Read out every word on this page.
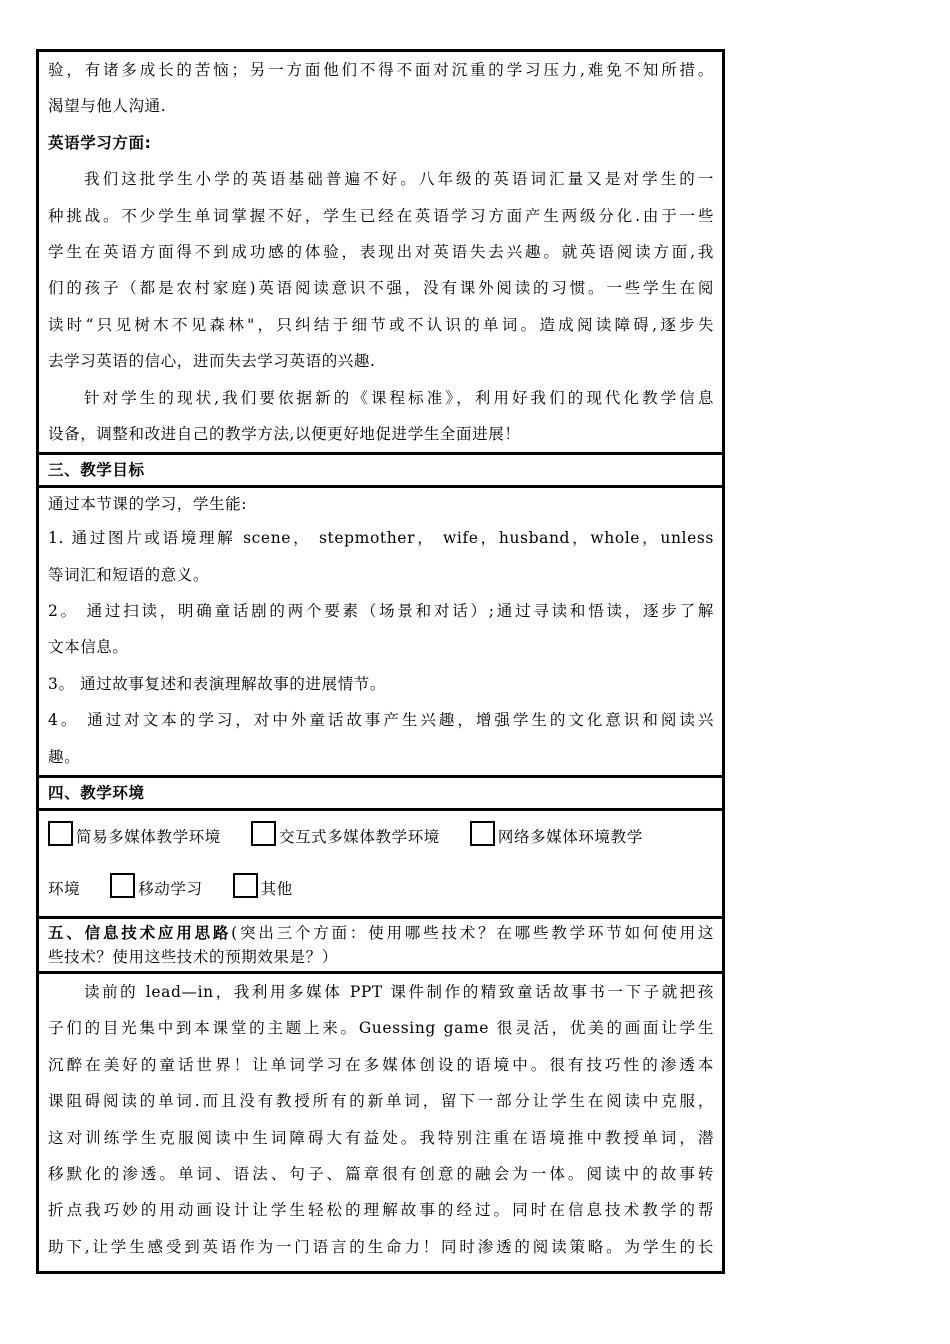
验，有诸多成长的苦恼；另一方面他们不得不面对沉重的学习压力,难免不知所措。
渴望与他人沟通.
英语学习方面:
我们这批学生小学的英语基础普遍不好。八年级的英语词汇量又是对学生的一
种挑战。不少学生单词掌握不好，学生已经在英语学习方面产生两级分化.由于一些
学生在英语方面得不到成功感的体验，表现出对英语失去兴趣。就英语阅读方面,我
们的孩子（都是农村家庭)英语阅读意识不强，没有课外阅读的习惯。一些学生在阅
读时“只见树木不见森林"，只纠结于细节或不认识的单词。造成阅读障碍,逐步失
去学习英语的信心，进而失去学习英语的兴趣.
针对学生的现状,我们要依据新的《课程标准》，利用好我们的现代化教学信息
设备，调整和改进自己的教学方法,以便更好地促进学生全面进展！
三、教学目标
通过本节课的学习，学生能:
1. 通过图片或语境理解 scene， stepmother， wife，husband，whole，unless
等词汇和短语的意义。
2。 通过扫读，明确童话剧的两个要素（场景和对话）;通过寻读和悟读，逐步了解
文本信息。
3。 通过故事复述和表演理解故事的进展情节。
4。 通过对文本的学习，对中外童话故事产生兴趣，增强学生的文化意识和阅读兴
趣。
四、教学环境
简易多媒体教学环境	交互式多媒体教学环境	网络多媒体环境教学
环境	移动学习	其他
五、信息技术应用思路(突出三个方面：使用哪些技术？在哪些教学环节如何使用这
些技术？使用这些技术的预期效果是？）
读前的 lead—in，我利用多媒体 PPT 课件制作的精致童话故事书一下子就把孩
子们的目光集中到本课堂的主题上来。Guessing game 很灵活，优美的画面让学生
沉醉在美好的童话世界！让单词学习在多媒体创设的语境中。很有技巧性的渗透本
课阻碍阅读的单词.而且没有教授所有的新单词，留下一部分让学生在阅读中克服，
这对训练学生克服阅读中生词障碍大有益处。我特别注重在语境推中教授单词，潜
移默化的渗透。单词、语法、句子、篇章很有创意的融会为一体。阅读中的故事转
折点我巧妙的用动画设计让学生轻松的理解故事的经过。同时在信息技术教学的帮
助下,让学生感受到英语作为一门语言的生命力！同时渗透的阅读策略。为学生的长
